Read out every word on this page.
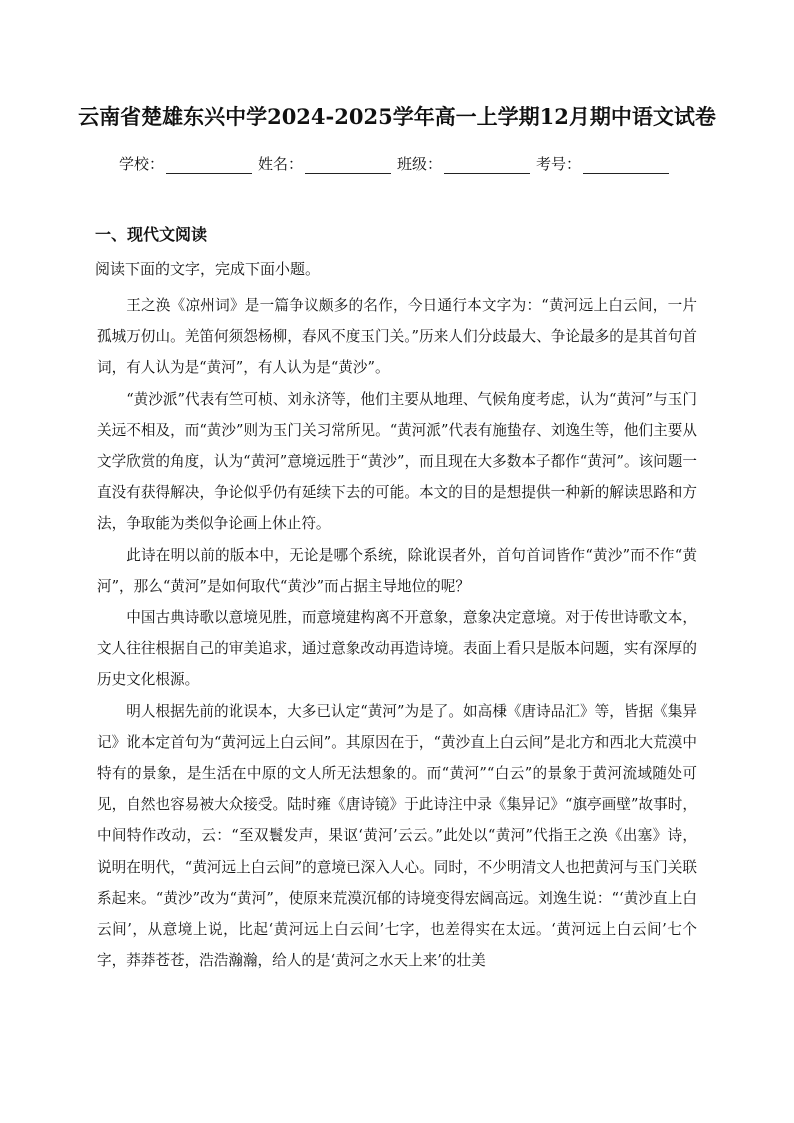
云南省楚雄东兴中学2024-2025学年高一上学期12月期中语文试卷
学校：	姓名：	班级：	考号：
一、现代文阅读
阅读下面的文字，完成下面小题。

王之涣《凉州词》是一篇争议颇多的名作，今日通行本文字为：“黄河远上白云间，一片孤城万仞山。羌笛何须怨杨柳，春风不度玉门关。”历来人们分歧最大、争论最多的是其首句首词，有人认为是“黄河”，有人认为是“黄沙”。

“黄沙派”代表有竺可桢、刘永济等，他们主要从地理、气候角度考虑，认为“黄河”与玉门关远不相及，而“黄沙”则为玉门关习常所见。“黄河派”代表有施蛰存、刘逸生等，他们主要从文学欣赏的角度，认为“黄河”意境远胜于“黄沙”，而且现在大多数本子都作“黄河”。该问题一直没有获得解决，争论似乎仍有延续下去的可能。本文的目的是想提供一种新的解读思路和方法，争取能为类似争论画上休止符。

此诗在明以前的版本中，无论是哪个系统，除讹误者外，首句首词皆作“黄沙”而不作“黄河”，那么“黄河”是如何取代“黄沙”而占据主导地位的呢？

中国古典诗歌以意境见胜，而意境建构离不开意象，意象决定意境。对于传世诗歌文本，文人往往根据自己的审美追求，通过意象改动再造诗境。表面上看只是版本问题，实有深厚的历史文化根源。

明人根据先前的讹误本，大多已认定“黄河”为是了。如高棅《唐诗品汇》等，皆据《集异记》讹本定首句为“黄河远上白云间”。其原因在于，“黄沙直上白云间”是北方和西北大荒漠中特有的景象，是生活在中原的文人所无法想象的。而“黄河”“白云”的景象于黄河流域随处可见，自然也容易被大众接受。陆时雍《唐诗镜》于此诗注中录《集异记》“旗亭画壁”故事时，中间特作改动，云：“至双鬟发声，果讴‘黄河’云云。”此处以“黄河”代指王之涣《出塞》诗，说明在明代，“黄河远上白云间”的意境已深入人心。同时，不少明清文人也把黄河与玉门关联系起来。“黄沙”改为“黄河”，使原来荒漠沉郁的诗境变得宏阔高远。刘逸生说：“‘黄沙直上白云间’，从意境上说，比起‘黄河远上白云间’七字，也差得实在太远。‘黄河远上白云间’七个字，莽莽苍苍，浩浩瀚瀚，给人的是‘黄河之水天上来’的壮美
